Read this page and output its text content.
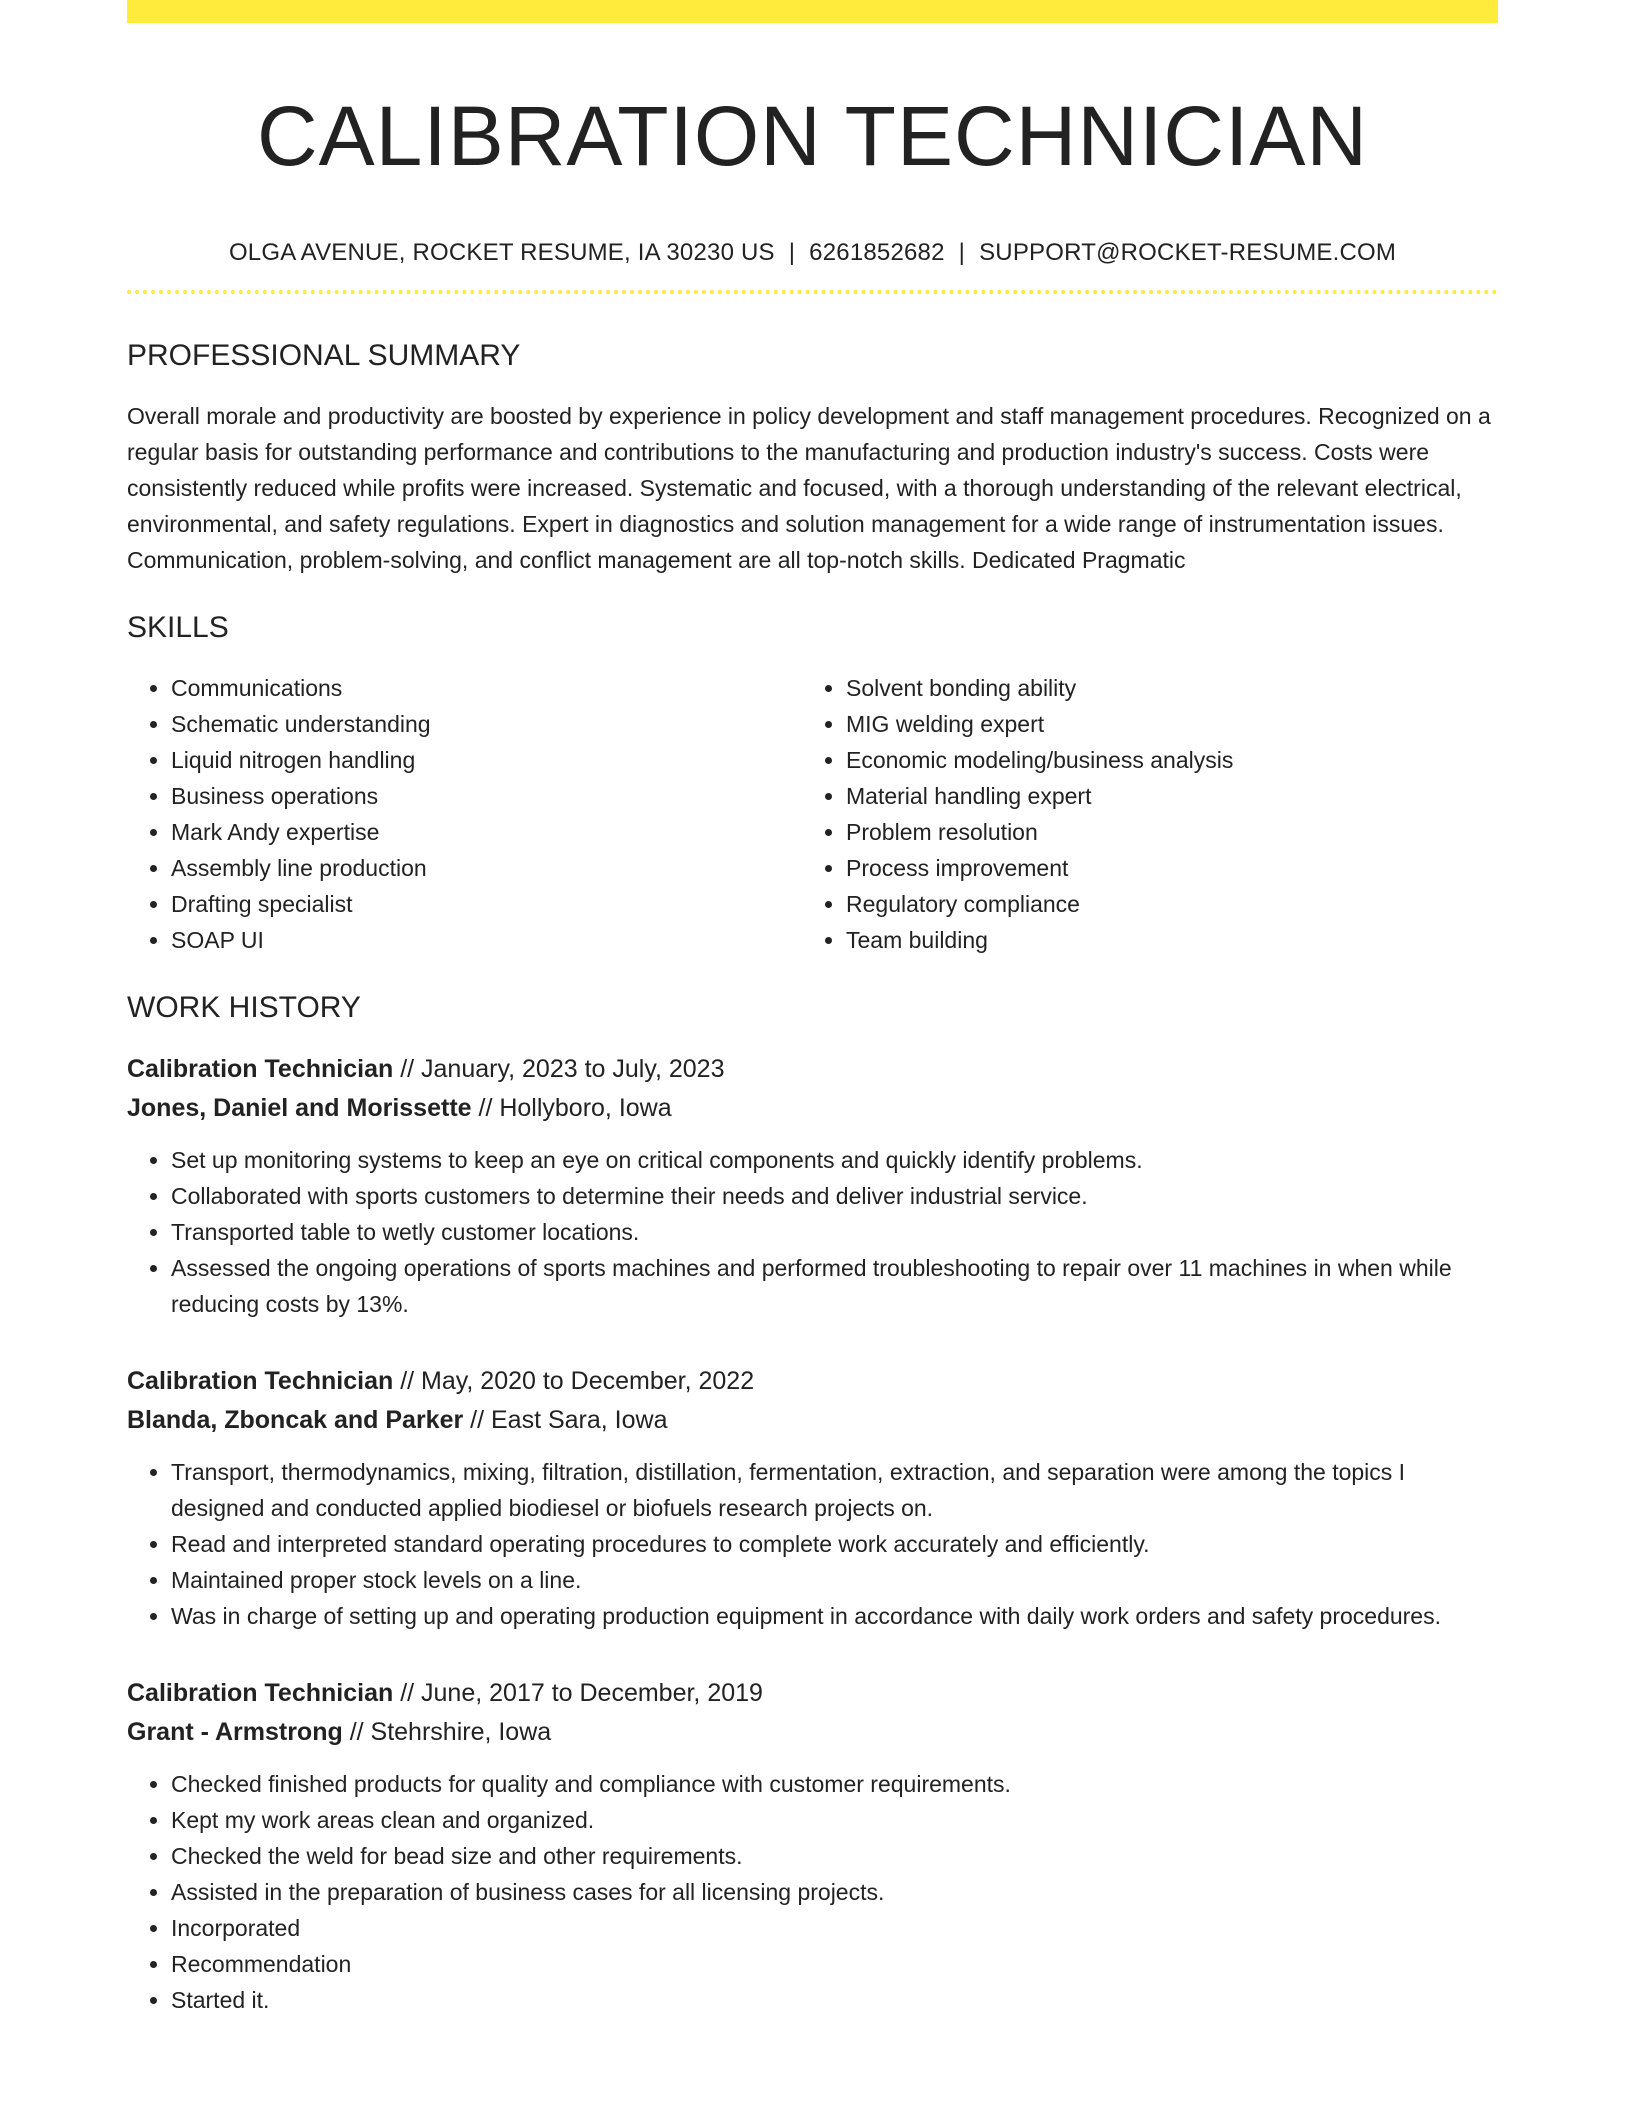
CALIBRATION TECHNICIAN
OLGA AVENUE, ROCKET RESUME, IA 30230 US | 6261852682 | SUPPORT@ROCKET-RESUME.COM
PROFESSIONAL SUMMARY

Overall morale and productivity are boosted by experience in policy development and staff management procedures. Recognized on a regular basis for outstanding performance and contributions to the manufacturing and production industry's success. Costs were consistently reduced while profits were increased. Systematic and focused, with a thorough understanding of the relevant electrical, environmental, and safety regulations. Expert in diagnostics and solution management for a wide range of instrumentation issues. Communication, problem-solving, and conflict management are all top-notch skills. Dedicated Pragmatic

SKILLS
• Communications
• Schematic understanding
• Liquid nitrogen handling
• Business operations
• Mark Andy expertise
• Assembly line production
• Drafting specialist
• SOAP UI
• Solvent bonding ability
• MIG welding expert
• Economic modeling/business analysis
• Material handling expert
• Problem resolution
• Process improvement
• Regulatory compliance
• Team building
WORK HISTORY
Calibration Technician // January, 2023 to July, 2023
Jones, Daniel and Morissette // Hollyboro, Iowa
• Set up monitoring systems to keep an eye on critical components and quickly identify problems.
• Collaborated with sports customers to determine their needs and deliver industrial service.
• Transported table to wetly customer locations.
• Assessed the ongoing operations of sports machines and performed troubleshooting to repair over 11 machines in when while reducing costs by 13%.
Calibration Technician // May, 2020 to December, 2022
Blanda, Zboncak and Parker // East Sara, Iowa
• Transport, thermodynamics, mixing, filtration, distillation, fermentation, extraction, and separation were among the topics I designed and conducted applied biodiesel or biofuels research projects on.
• Read and interpreted standard operating procedures to complete work accurately and efficiently.
• Maintained proper stock levels on a line.
• Was in charge of setting up and operating production equipment in accordance with daily work orders and safety procedures.
Calibration Technician // June, 2017 to December, 2019
Grant - Armstrong // Stehrshire, Iowa
• Checked finished products for quality and compliance with customer requirements.
• Kept my work areas clean and organized.
• Checked the weld for bead size and other requirements.
• Assisted in the preparation of business cases for all licensing projects.
• Incorporated
• Recommendation
• Started it.
